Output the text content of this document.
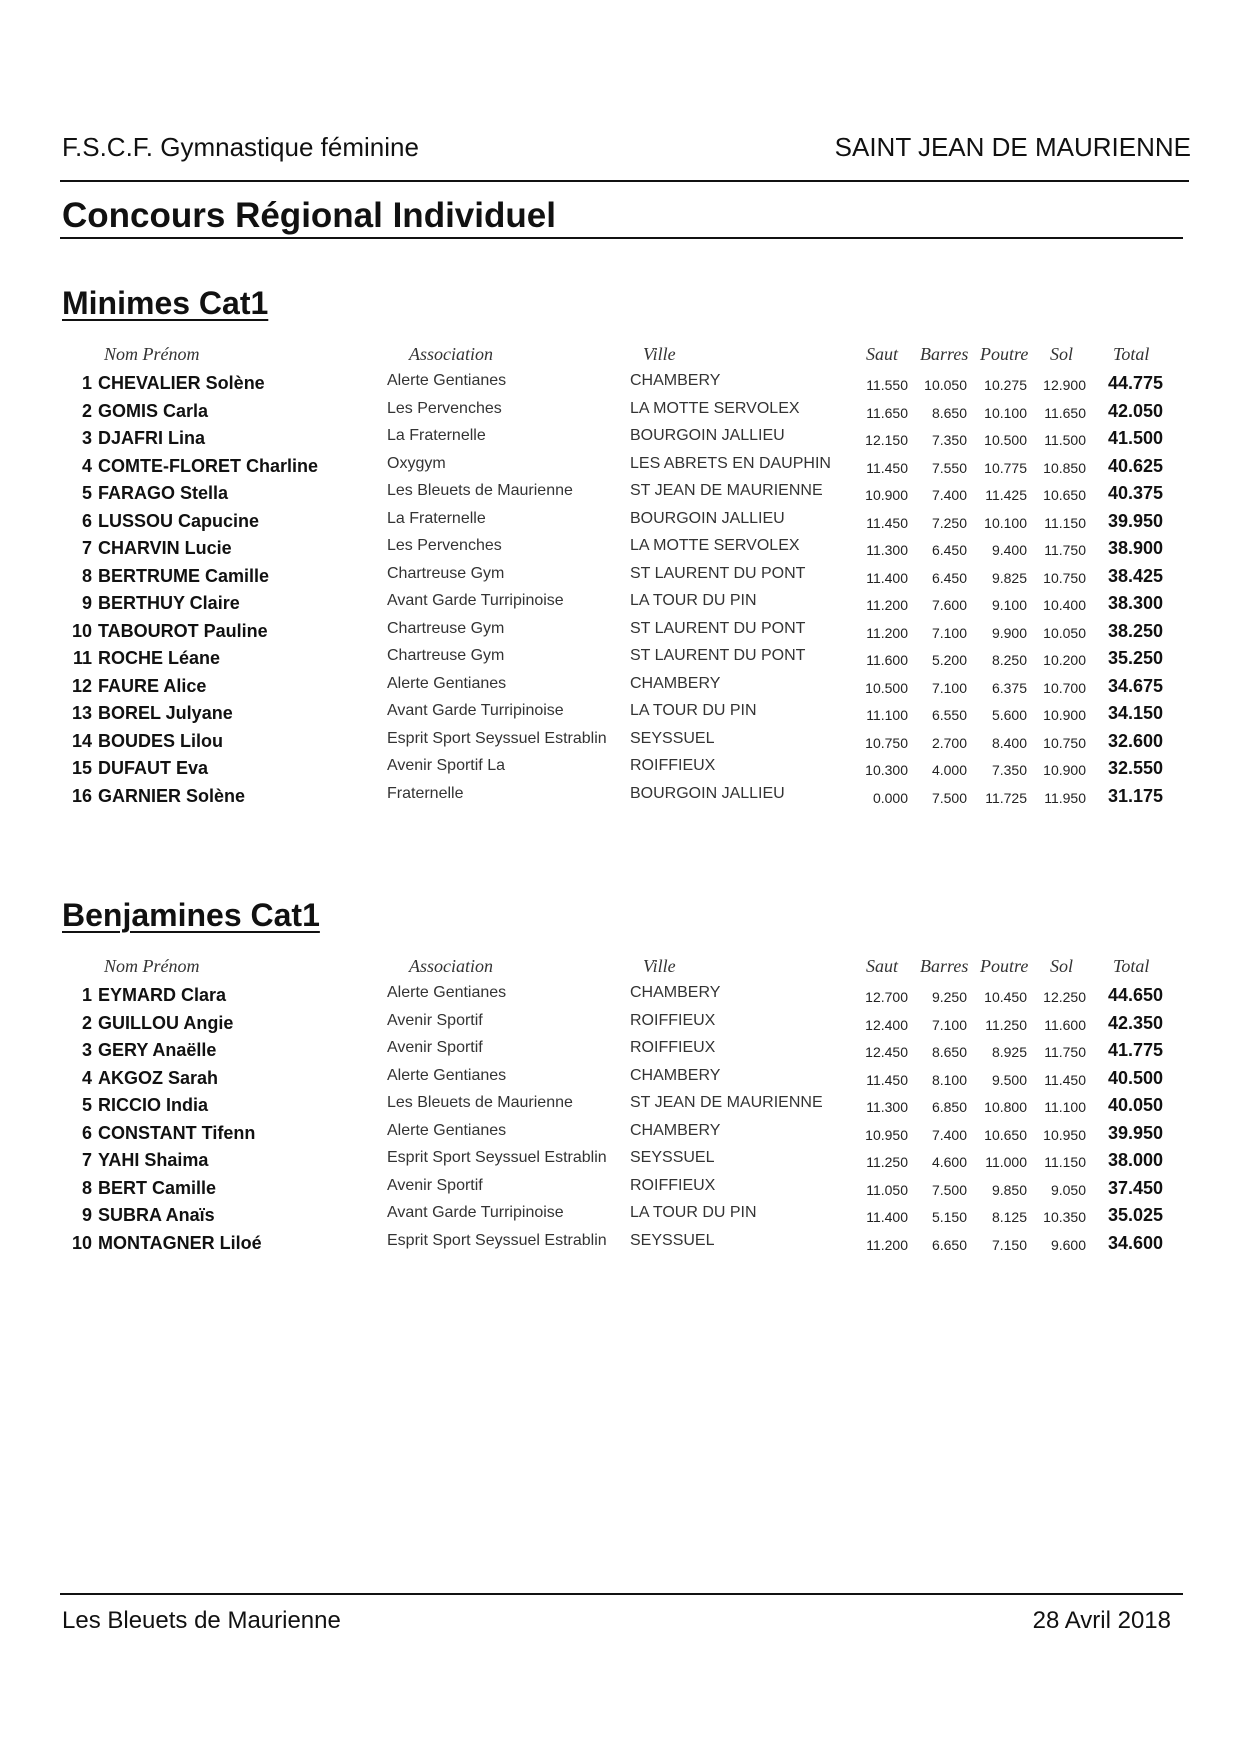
F.S.C.F. Gymnastique féminine	SAINT JEAN DE MAURIENNE
Concours Régional Individuel
Minimes Cat1
Nom Prénom	Association	Ville	Saut Barres Poutre Sol Total
1 CHEVALIER Solène	Alerte Gentianes	CHAMBERY	11.550	10.050	10.275	12.900	44.775
2 GOMIS Carla	Les Pervenches	LA MOTTE SERVOLEX	11.650	8.650	10.100	11.650	42.050
3 DJAFRI Lina	La Fraternelle	BOURGOIN JALLIEU	12.150	7.350	10.500	11.500	41.500
4 COMTE-FLORET Charline	Oxygym	LES ABRETS EN DAUPHIN	11.450	7.550	10.775	10.850	40.625
5 FARAGO Stella	Les Bleuets de Maurienne	ST JEAN DE MAURIENNE	10.900	7.400	11.425	10.650	40.375
6 LUSSOU Capucine	La Fraternelle	BOURGOIN JALLIEU	11.450	7.250	10.100	11.150	39.950
7 CHARVIN Lucie	Les Pervenches	LA MOTTE SERVOLEX	11.300	6.450	9.400	11.750	38.900
8 BERTRUME Camille	Chartreuse Gym	ST LAURENT DU PONT	11.400	6.450	9.825	10.750	38.425
9 BERTHUY Claire	Avant Garde Turripinoise	LA TOUR DU PIN	11.200	7.600	9.100	10.400	38.300
10 TABOUROT Pauline	Chartreuse Gym	ST LAURENT DU PONT	11.200	7.100	9.900	10.050	38.250
11 ROCHE Léane	Chartreuse Gym	ST LAURENT DU PONT	11.600	5.200	8.250	10.200	35.250
12 FAURE Alice	Alerte Gentianes	CHAMBERY	10.500	7.100	6.375	10.700	34.675
13 BOREL Julyane	Avant Garde Turripinoise	LA TOUR DU PIN	11.100	6.550	5.600	10.900	34.150
14 BOUDES Lilou	Esprit Sport Seyssuel Estrablin SEYSSUEL	10.750	2.700	8.400	10.750	32.600
15 DUFAUT Eva	Avenir Sportif La	ROIFFIEUX	10.300	4.000	7.350	10.900	32.550
16 GARNIER Solène	Fraternelle	BOURGOIN JALLIEU	0.000	7.500	11.725	11.950	31.175
Benjamines Cat1
Nom Prénom	Association	Ville	Saut Barres Poutre Sol Total
1 EYMARD Clara	Alerte Gentianes	CHAMBERY	12.700	9.250	10.450	12.250	44.650
2 GUILLOU Angie	Avenir Sportif	ROIFFIEUX	12.400	7.100	11.250	11.600	42.350
3 GERY Anaëlle	Avenir Sportif	ROIFFIEUX	12.450	8.650	8.925	11.750	41.775
4 AKGOZ Sarah	Alerte Gentianes	CHAMBERY	11.450	8.100	9.500	11.450	40.500
5 RICCIO India	Les Bleuets de Maurienne	ST JEAN DE MAURIENNE	11.300	6.850	10.800	11.100	40.050
6 CONSTANT Tifenn	Alerte Gentianes	CHAMBERY	10.950	7.400	10.650	10.950	39.950
7 YAHI Shaima	Esprit Sport Seyssuel Estrablin SEYSSUEL	11.250	4.600	11.000	11.150	38.000
8 BERT Camille	Avenir Sportif	ROIFFIEUX	11.050	7.500	9.850	9.050	37.450
9 SUBRA Anaïs	Avant Garde Turripinoise	LA TOUR DU PIN	11.400	5.150	8.125	10.350	35.025
10 MONTAGNER Liloé	Esprit Sport Seyssuel Estrablin SEYSSUEL	11.200	6.650	7.150	9.600	34.600
Les Bleuets de Maurienne	28 Avril 2018
